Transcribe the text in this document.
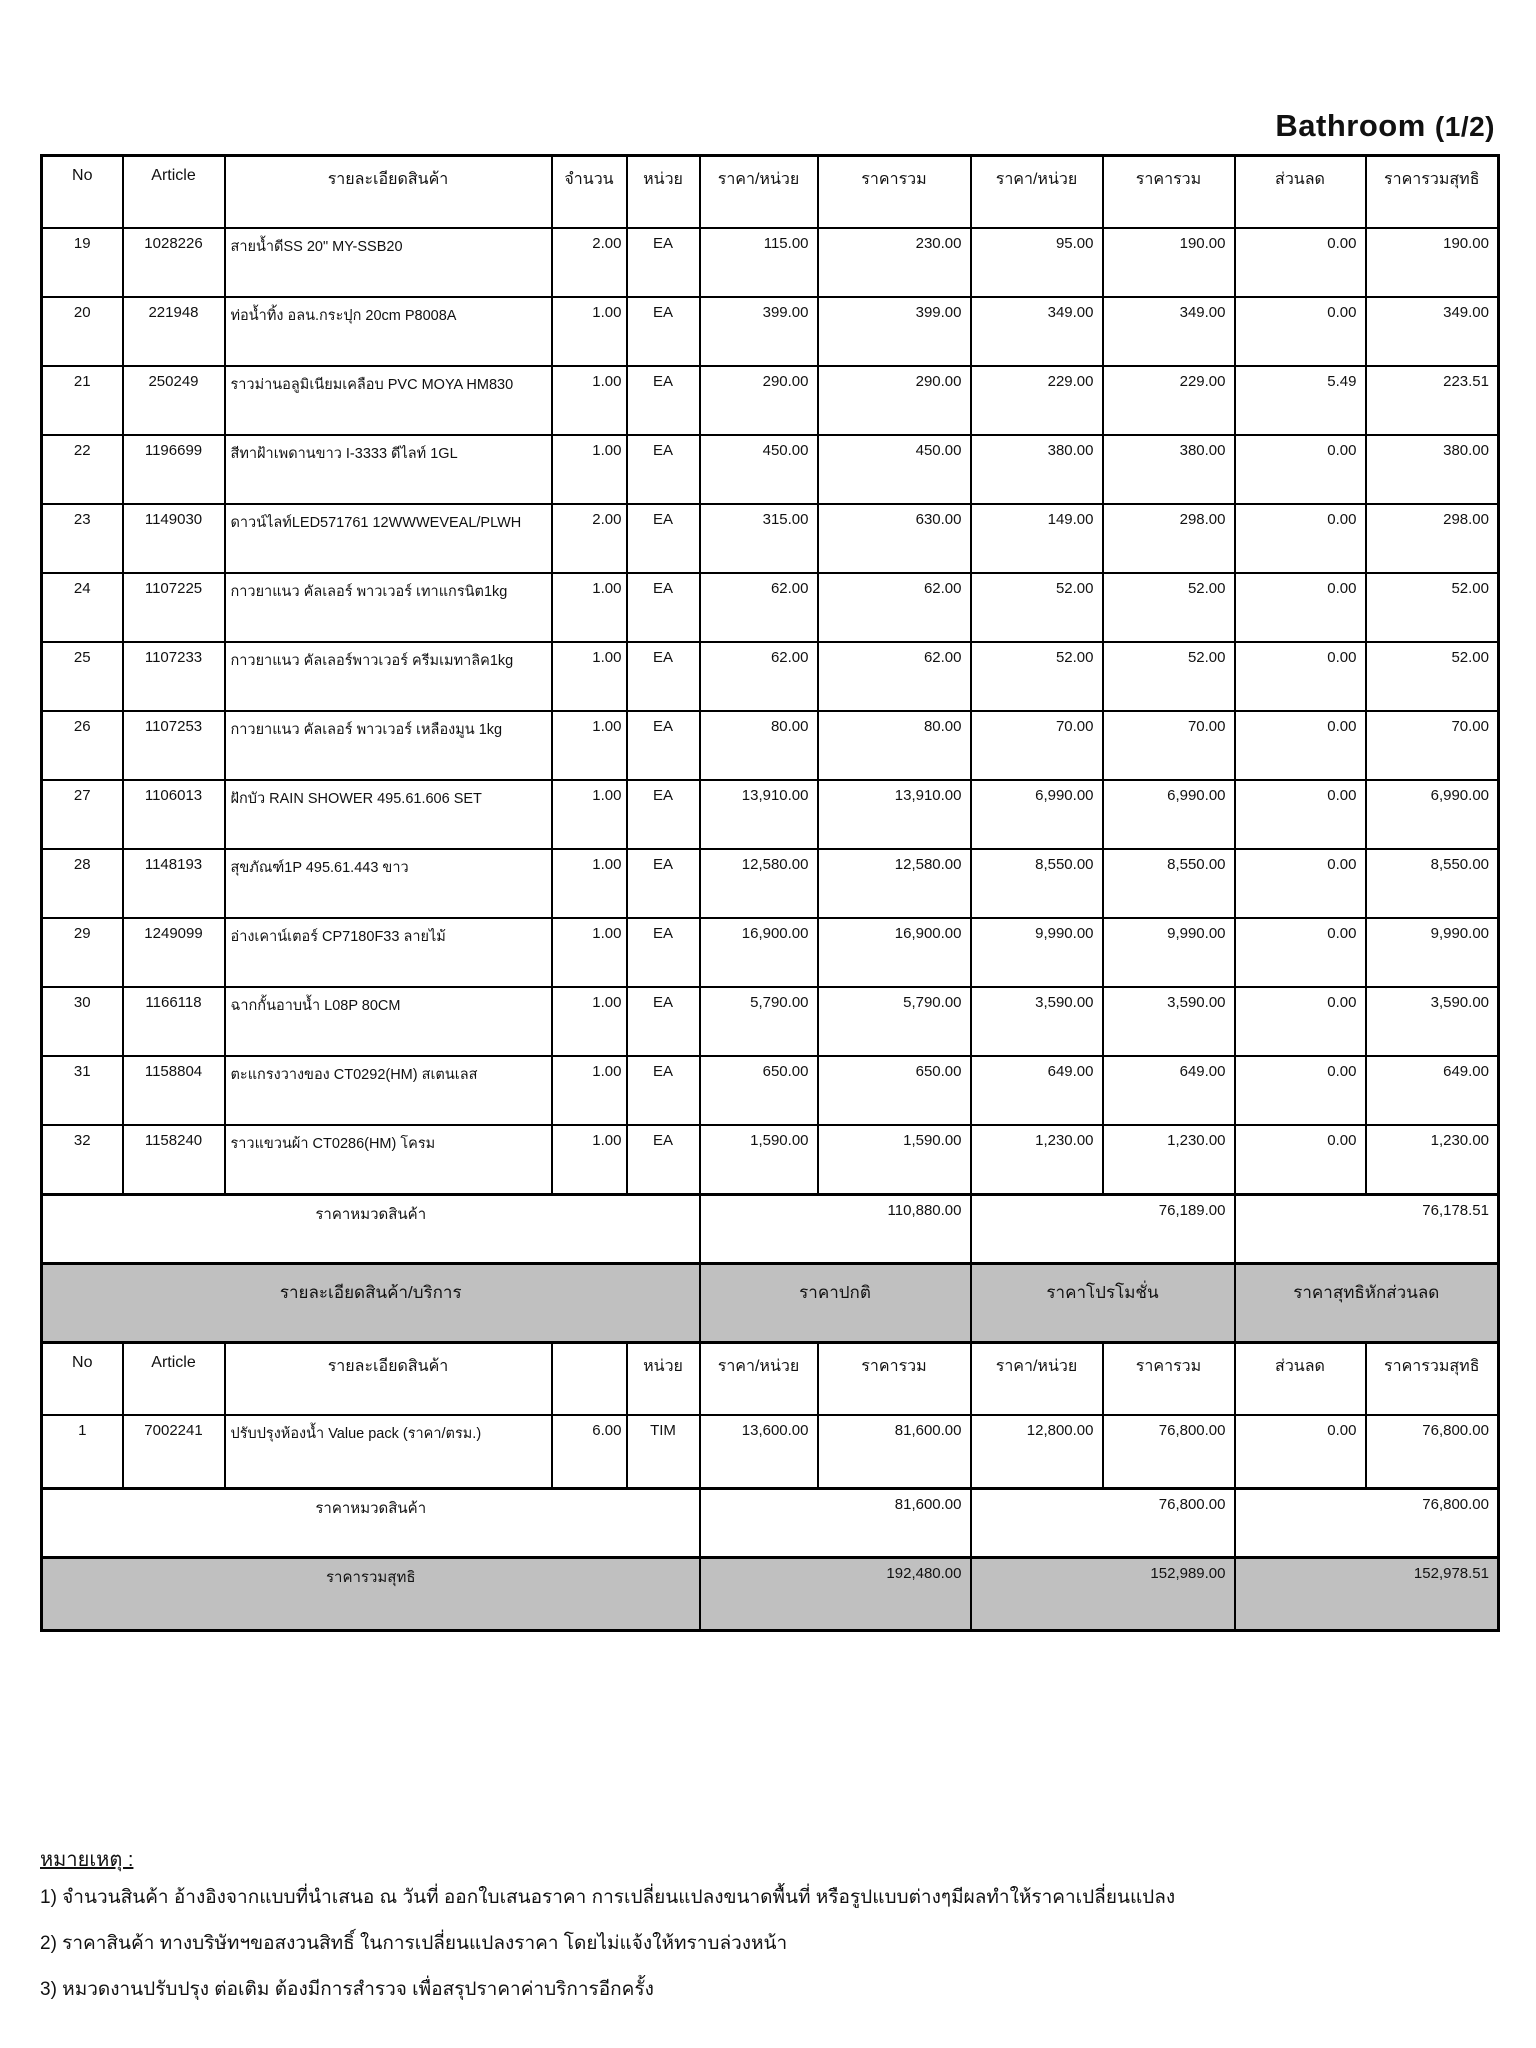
Bathroom (1/2)
No	Article	รายละเอียดสินค้า	จำนวน	หน่วย	ราคา/หน่วย	ราคารวม	ราคา/หน่วย	ราคารวม	ส่วนลด	ราคารวมสุทธิ
19	1028226	สายน้ำดีSS 20" MY-SSB20	2.00	EA	115.00	230.00	95.00	190.00	0.00	190.00
20	221948	ท่อน้ำทิ้ง อลน.กระปุก 20cm P8008A	1.00	EA	399.00	399.00	349.00	349.00	0.00	349.00
21	250249	ราวม่านอลูมิเนียมเคลือบ PVC MOYA HM830	1.00	EA	290.00	290.00	229.00	229.00	5.49	223.51
22	1196699	สีทาฝ้าเพดานขาว I-3333 ดีไลท์ 1GL	1.00	EA	450.00	450.00	380.00	380.00	0.00	380.00
23	1149030	ดาวน์ไลท์LED571761 12WWWEVEAL/PLWH	2.00	EA	315.00	630.00	149.00	298.00	0.00	298.00
24	1107225	กาวยาแนว คัลเลอร์ พาวเวอร์ เทาแกรนิต1kg	1.00	EA	62.00	62.00	52.00	52.00	0.00	52.00
25	1107233	กาวยาแนว คัลเลอร์พาวเวอร์ ครีมเมทาลิค1kg	1.00	EA	62.00	62.00	52.00	52.00	0.00	52.00
26	1107253	กาวยาแนว คัลเลอร์ พาวเวอร์ เหลืองมูน 1kg	1.00	EA	80.00	80.00	70.00	70.00	0.00	70.00
27	1106013	ฝักบัว RAIN SHOWER 495.61.606 SET	1.00	EA	13,910.00	13,910.00	6,990.00	6,990.00	0.00	6,990.00
28	1148193	สุขภัณฑ์1P 495.61.443 ขาว	1.00	EA	12,580.00	12,580.00	8,550.00	8,550.00	0.00	8,550.00
29	1249099	อ่างเคาน์เตอร์ CP7180F33 ลายไม้	1.00	EA	16,900.00	16,900.00	9,990.00	9,990.00	0.00	9,990.00
30	1166118	ฉากกั้นอาบน้ำ L08P 80CM	1.00	EA	5,790.00	5,790.00	3,590.00	3,590.00	0.00	3,590.00
31	1158804	ตะแกรงวางของ CT0292(HM) สเตนเลส	1.00	EA	650.00	650.00	649.00	649.00	0.00	649.00
32	1158240	ราวแขวนผ้า CT0286(HM) โครม	1.00	EA	1,590.00	1,590.00	1,230.00	1,230.00	0.00	1,230.00
ราคาหมวดสินค้า					110,880.00		76,189.00		76,178.51	
รายละเอียดสินค้า/บริการ					ราคาปกติ		ราคาโปรโมชั่น		ราคาสุทธิหักส่วนลด	
No	Article	รายละเอียดสินค้า		หน่วย	ราคา/หน่วย	ราคารวม	ราคา/หน่วย	ราคารวม	ส่วนลด	ราคารวมสุทธิ
1	7002241	ปรับปรุงห้องน้ำ Value pack (ราคา/ตรม.)	6.00	TIM	13,600.00	81,600.00	12,800.00	76,800.00	0.00	76,800.00
ราคาหมวดสินค้า					81,600.00		76,800.00		76,800.00	
ราคารวมสุทธิ					192,480.00		152,989.00		152,978.51	
หมายเหตุ :
1) จำนวนสินค้า อ้างอิงจากแบบที่นำเสนอ ณ วันที่ ออกใบเสนอราคา การเปลี่ยนแปลงขนาดพื้นที่ หรือรูปแบบต่างๆมีผลทำให้ราคาเปลี่ยนแปลง
2) ราคาสินค้า ทางบริษัทฯขอสงวนสิทธิ์ ในการเปลี่ยนแปลงราคา โดยไม่แจ้งให้ทราบล่วงหน้า
3) หมวดงานปรับปรุง ต่อเติม ต้องมีการสำรวจ เพื่อสรุปราคาค่าบริการอีกครั้ง
